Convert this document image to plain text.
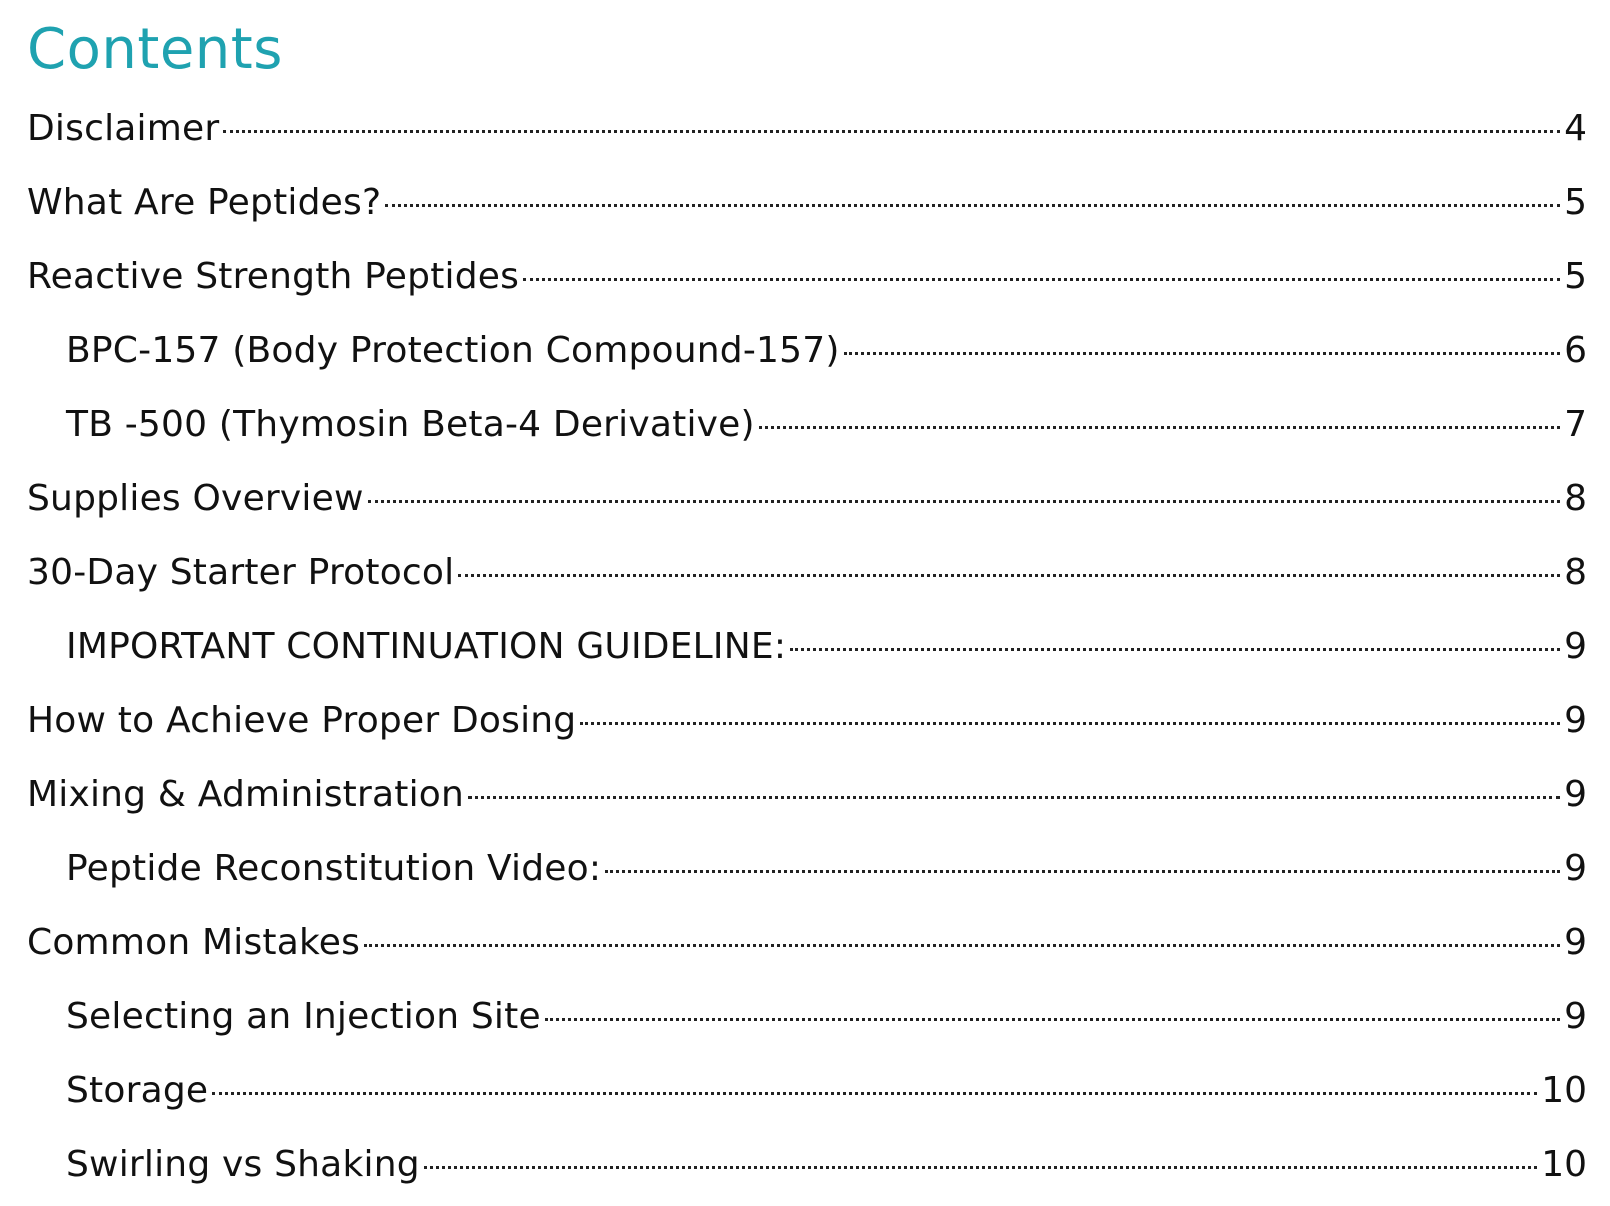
Contents
Disclaimer	4
What Are Peptides?	5
Reactive Strength Peptides	5
BPC-157 (Body Protection Compound-157)	6
TB -500 (Thymosin Beta-4 Derivative)	7
Supplies Overview	8
30-Day Starter Protocol	8
IMPORTANT CONTINUATION GUIDELINE:	9
How to Achieve Proper Dosing	9
Mixing & Administration	9
Peptide Reconstitution Video:	9
Common Mistakes	9
Selecting an Injection Site	9
Storage	10
Swirling vs Shaking	10
